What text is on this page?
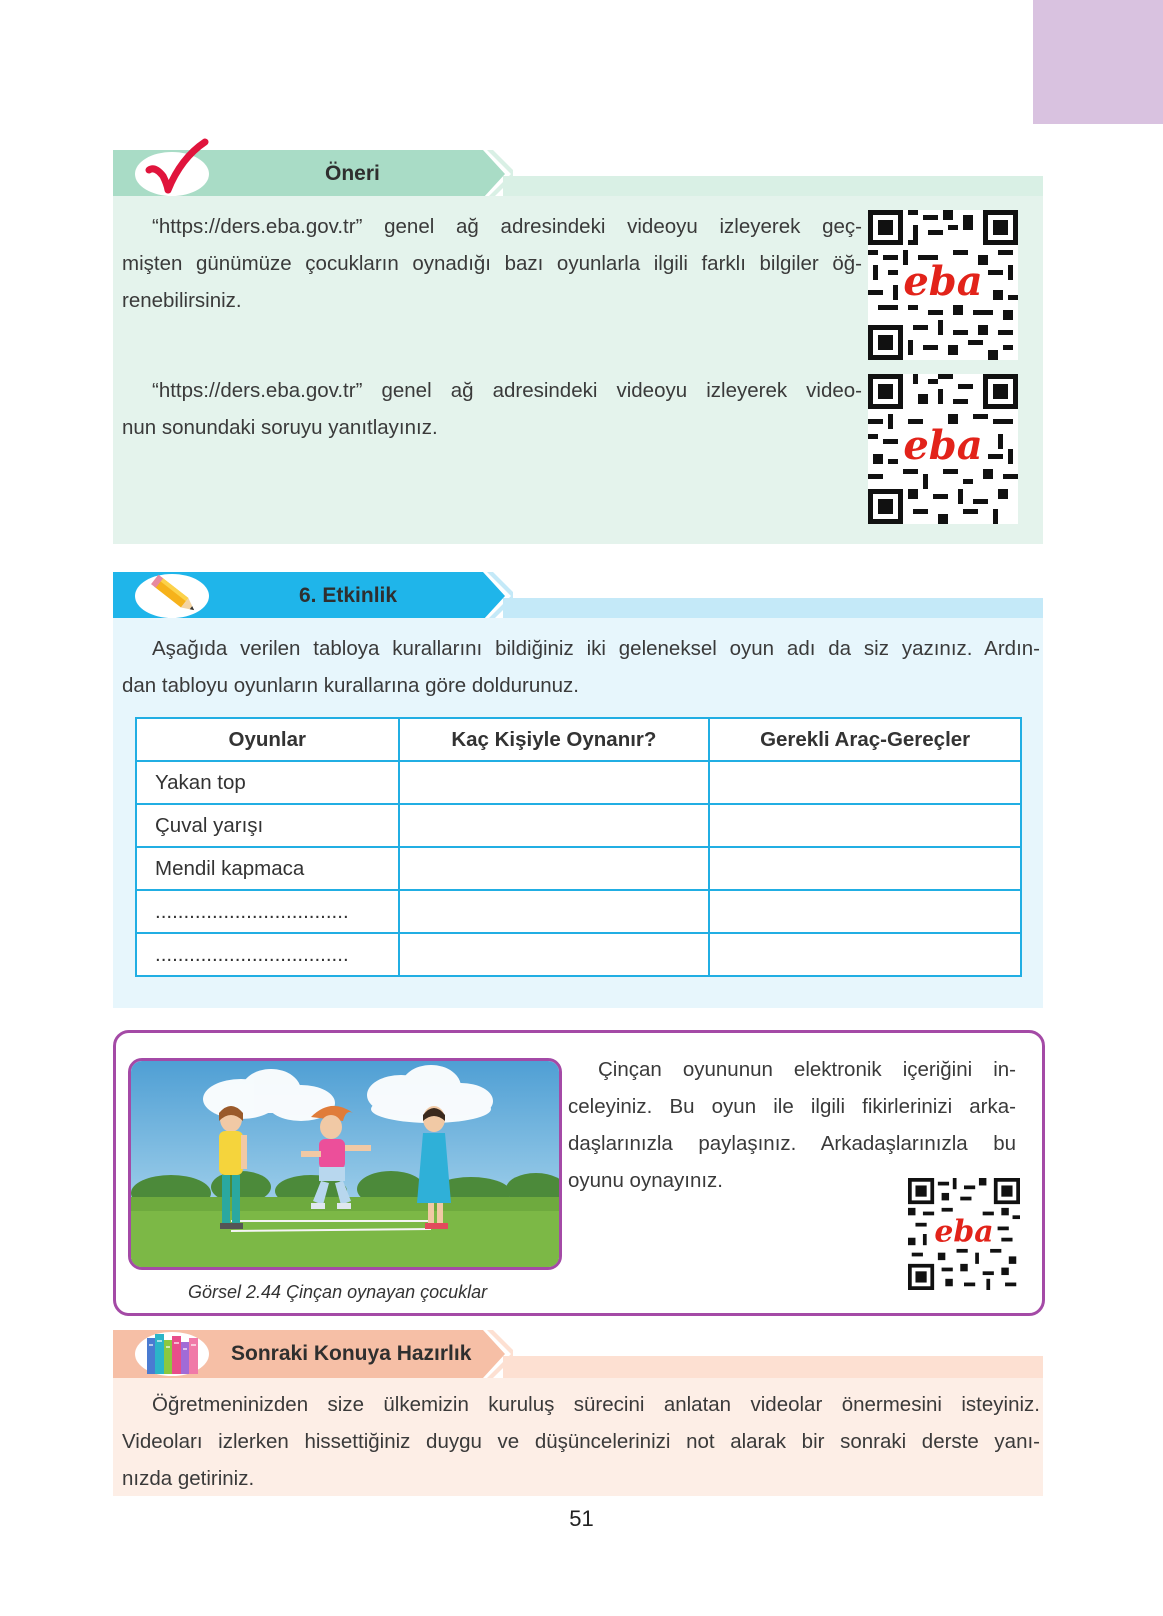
Öneri
“https://ders.eba.gov.tr” genel ağ adresindeki videoyu izleyerek geç-
mişten günümüze çocukların oynadığı bazı oyunlarla ilgili farklı bilgiler öğ-
renebilirsiniz.
“https://ders.eba.gov.tr” genel ağ adresindeki videoyu izleyerek video-
nun sonundaki soruyu yanıtlayınız.
eba
eba
6. Etkinlik
Aşağıda verilen tabloya kurallarını bildiğiniz iki geleneksel oyun adı da siz yazınız. Ardın-
dan tabloyu oyunların kurallarına göre doldurunuz.
Oyunlar	Kaç Kişiyle Oynanır?	Gerekli Araç-Gereçler
Yakan top		
Çuval yarışı		
Mendil kapmaca		
..................................		
..................................		
Görsel 2.44 Çinçan oynayan çocuklar
Çinçan oyununun elektronik içeriğini in-
celeyiniz. Bu oyun ile ilgili fikirlerinizi arka-
daşlarınızla paylaşınız. Arkadaşlarınızla bu
oyunu oynayınız.
eba
Sonraki Konuya Hazırlık
Öğretmeninizden size ülkemizin kuruluş sürecini anlatan videolar önermesini isteyiniz.
Videoları izlerken hissettiğiniz duygu ve düşüncelerinizi not alarak bir sonraki derste yanı-
nızda getiriniz.
51
